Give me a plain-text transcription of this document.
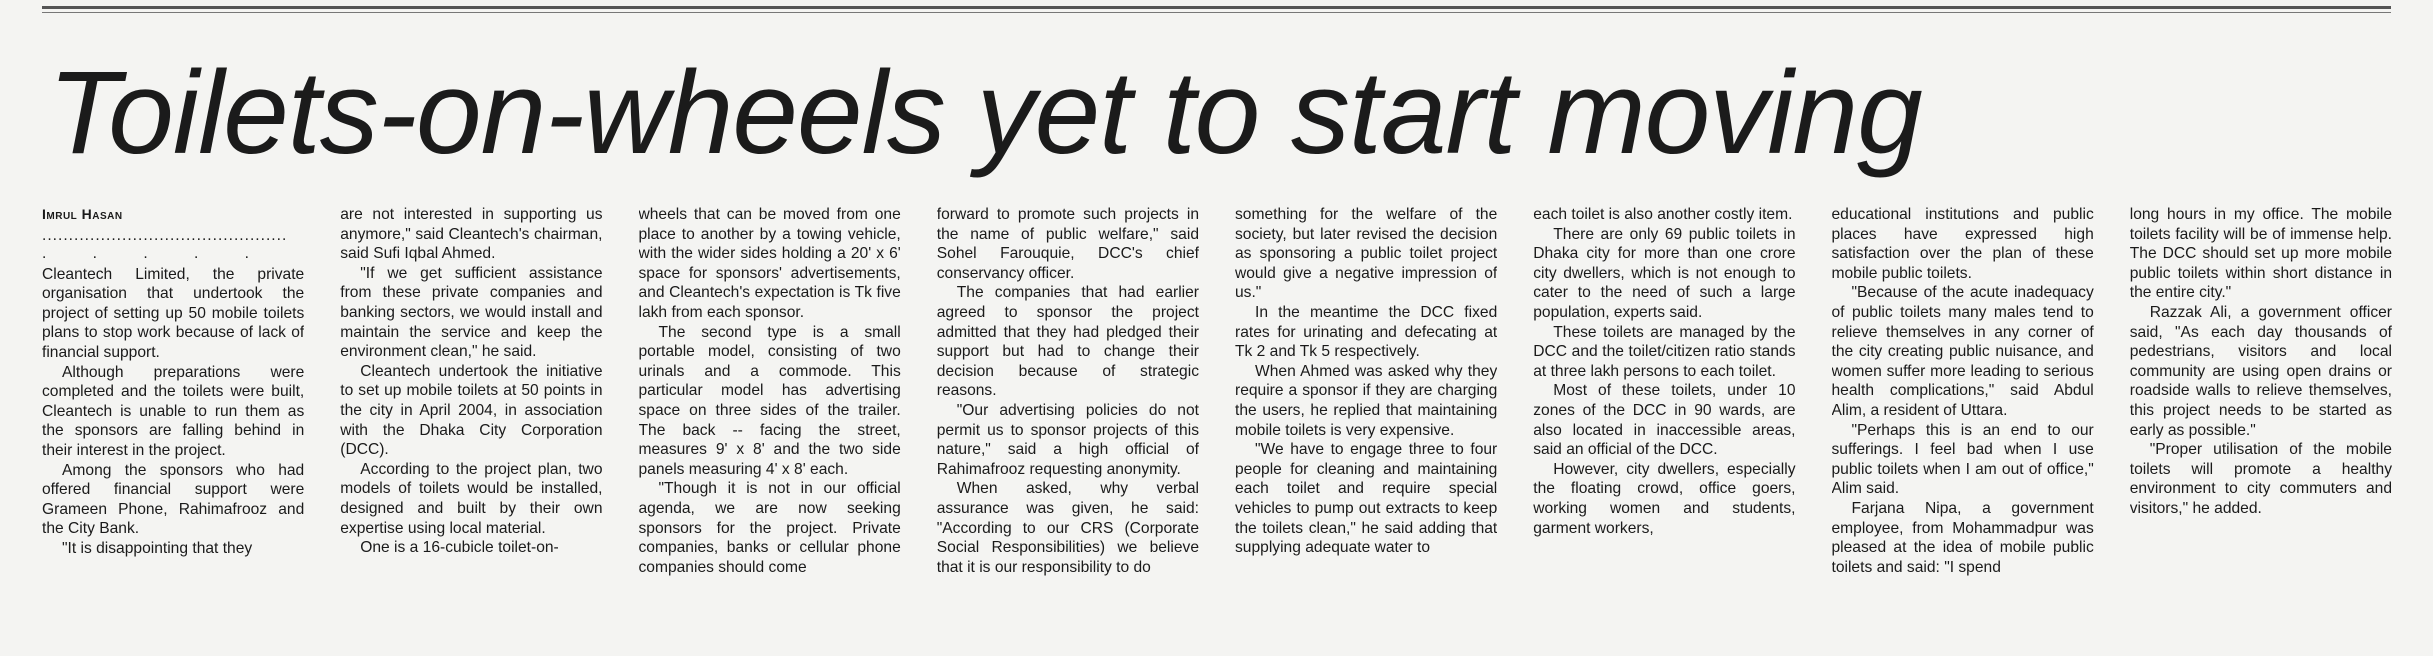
Toilets-on-wheels yet to start moving
Imrul Hasan
..............................................
. . . . .

Cleantech Limited, the private organisation that undertook the project of setting up 50 mobile toilets plans to stop work because of lack of financial support.

Although preparations were completed and the toilets were built, Cleantech is unable to run them as the sponsors are falling behind in their interest in the project.

Among the sponsors who had offered financial support were Grameen Phone, Rahimafrooz and the City Bank.

"It is disappointing that they

are not interested in supporting us anymore," said Cleantech's chairman, said Sufi Iqbal Ahmed.

"If we get sufficient assistance from these private companies and banking sectors, we would install and maintain the service and keep the environment clean," he said.

Cleantech undertook the initiative to set up mobile toilets at 50 points in the city in April 2004, in association with the Dhaka City Corporation (DCC).

According to the project plan, two models of toilets would be installed, designed and built by their own expertise using local material.

One is a 16-cubicle toilet-on-

wheels that can be moved from one place to another by a towing vehicle, with the wider sides holding a 20' x 6' space for sponsors' advertisements, and Cleantech's expectation is Tk five lakh from each sponsor.

The second type is a small portable model, consisting of two urinals and a commode. This particular model has advertising space on three sides of the trailer. The back -- facing the street, measures 9' x 8' and the two side panels measuring 4' x 8' each.

"Though it is not in our official agenda, we are now seeking sponsors for the project. Private companies, banks or cellular phone companies should come

forward to promote such projects in the name of public welfare," said Sohel Farouquie, DCC's chief conservancy officer.

The companies that had earlier agreed to sponsor the project admitted that they had pledged their support but had to change their decision because of strategic reasons.

"Our advertising policies do not permit us to sponsor projects of this nature," said a high official of Rahimafrooz requesting anonymity.

When asked, why verbal assurance was given, he said: "According to our CRS (Corporate Social Responsibilities) we believe that it is our responsibility to do

something for the welfare of the society, but later revised the decision as sponsoring a public toilet project would give a negative impression of us."

In the meantime the DCC fixed rates for urinating and defecating at Tk 2 and Tk 5 respectively.

When Ahmed was asked why they require a sponsor if they are charging the users, he replied that maintaining mobile toilets is very expensive.

"We have to engage three to four people for cleaning and maintaining each toilet and require special vehicles to pump out extracts to keep the toilets clean," he said adding that supplying adequate water to

each toilet is also another costly item.

There are only 69 public toilets in Dhaka city for more than one crore city dwellers, which is not enough to cater to the need of such a large population, experts said.

These toilets are managed by the DCC and the toilet/citizen ratio stands at three lakh persons to each toilet.

Most of these toilets, under 10 zones of the DCC in 90 wards, are also located in inaccessible areas, said an official of the DCC.

However, city dwellers, especially the floating crowd, office goers, working women and students, garment workers,

educational institutions and public places have expressed high satisfaction over the plan of these mobile public toilets.

"Because of the acute inadequacy of public toilets many males tend to relieve themselves in any corner of the city creating public nuisance, and women suffer more leading to serious health complications," said Abdul Alim, a resident of Uttara.

"Perhaps this is an end to our sufferings. I feel bad when I use public toilets when I am out of office," Alim said.

Farjana Nipa, a government employee, from Mohammadpur was pleased at the idea of mobile public toilets and said: "I spend

long hours in my office. The mobile toilets facility will be of immense help. The DCC should set up more mobile public toilets within short distance in the entire city."

Razzak Ali, a government officer said, "As each day thousands of pedestrians, visitors and local community are using open drains or roadside walls to relieve themselves, this project needs to be started as early as possible."

"Proper utilisation of the mobile toilets will promote a healthy environment to city commuters and visitors," he added.
